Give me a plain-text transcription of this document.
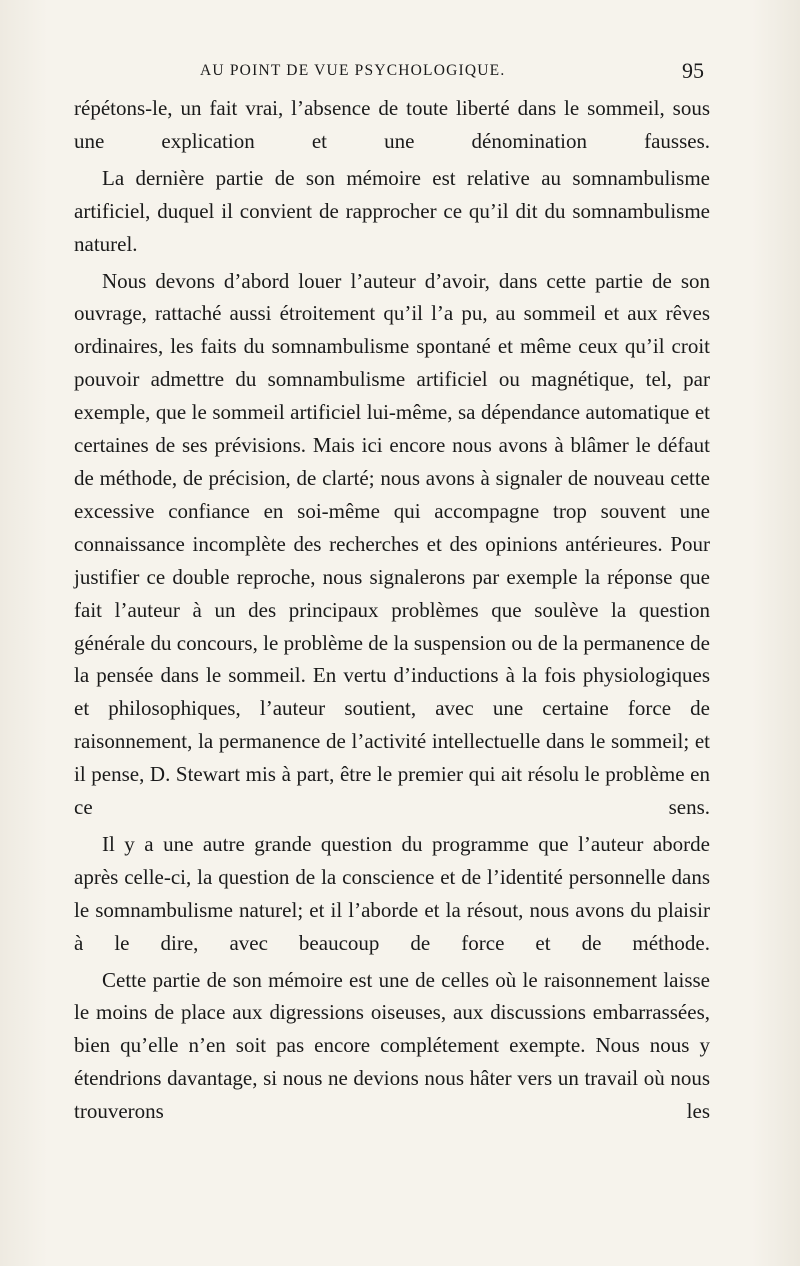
AU POINT DE VUE PSYCHOLOGIQUE.	95

répétons-le, un fait vrai, l’absence de toute liberté dans le sommeil, sous une explication et une dénomination fausses.

La dernière partie de son mémoire est relative au somnambulisme artificiel, duquel il convient de rapprocher ce qu’il dit du somnambulisme naturel.

Nous devons d’abord louer l’auteur d’avoir, dans cette partie de son ouvrage, rattaché aussi étroitement qu’il l’a pu, au sommeil et aux rêves ordinaires, les faits du somnambulisme spontané et même ceux qu’il croit pouvoir admettre du somnambulisme artificiel ou magnétique, tel, par exemple, que le sommeil artificiel lui-même, sa dépendance automatique et certaines de ses prévisions. Mais ici encore nous avons à blâmer le défaut de méthode, de précision, de clarté; nous avons à signaler de nouveau cette excessive confiance en soi-même qui accompagne trop souvent une connaissance incomplète des recherches et des opinions antérieures. Pour justifier ce double reproche, nous signalerons par exemple la réponse que fait l’auteur à un des principaux problèmes que soulève la question générale du concours, le problème de la suspension ou de la permanence de la pensée dans le sommeil. En vertu d’inductions à la fois physiologiques et philosophiques, l’auteur soutient, avec une certaine force de raisonnement, la permanence de l’activité intellectuelle dans le sommeil; et il pense, D. Stewart mis à part, être le premier qui ait résolu le problème en ce sens.

Il y a une autre grande question du programme que l’auteur aborde après celle-ci, la question de la conscience et de l’identité personnelle dans le somnambulisme naturel; et il l’aborde et la résout, nous avons du plaisir à le dire, avec beaucoup de force et de méthode.

Cette partie de son mémoire est une de celles où le raisonnement laisse le moins de place aux digressions oiseuses, aux discussions embarrassées, bien qu’elle n’en soit pas encore complétement exempte. Nous nous y étendrions davantage, si nous ne devions nous hâter vers un travail où nous trouverons les
